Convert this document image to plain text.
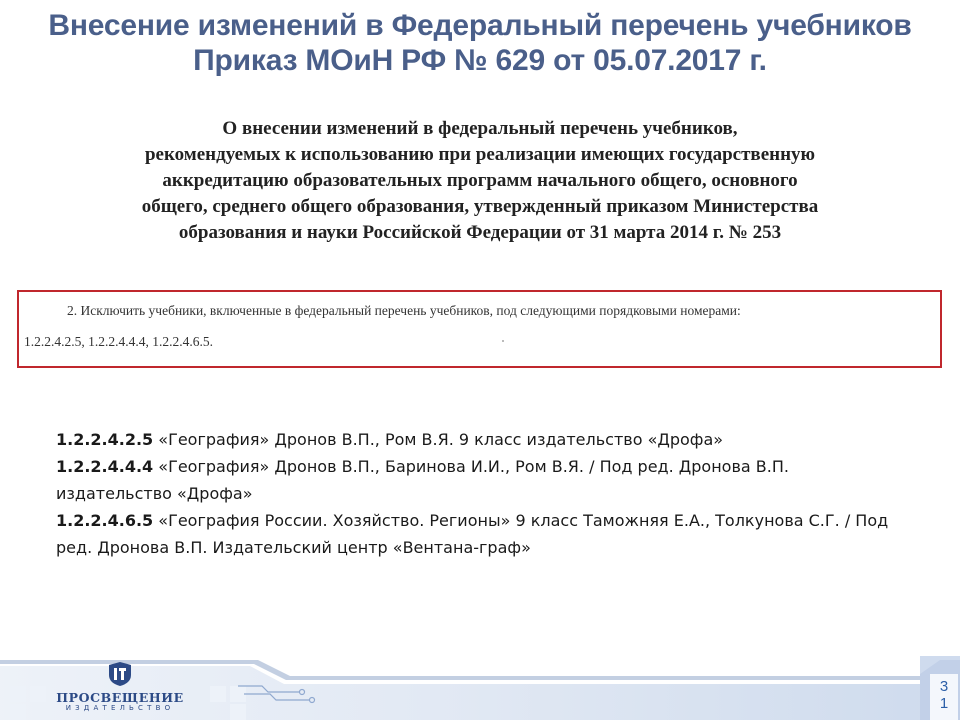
Внесение изменений в Федеральный перечень учебников
Приказ МОиН РФ № 629 от 05.07.2017 г.
О внесении изменений в федеральный перечень учебников,
рекомендуемых к использованию при реализации имеющих государственную
аккредитацию образовательных программ начального общего, основного
общего, среднего общего образования, утвержденный приказом Министерства
образования и науки Российской Федерации от 31 марта 2014 г. № 253
2. Исключить учебники, включенные в федеральный перечень учебников, под следующими порядковыми номерами:
1.2.2.4.2.5, 1.2.2.4.4.4, 1.2.2.4.6.5.

1.2.2.4.2.5 «География» Дронов В.П., Ром В.Я. 9 класс издательство «Дрофа»

1.2.2.4.4.4 «География» Дронов В.П., Баринова И.И., Ром В.Я. / Под ред. Дронова В.П. издательство «Дрофа»

1.2.2.4.6.5 «География России. Хозяйство. Регионы» 9 класс Таможняя Е.А., Толкунова С.Г. / Под ред. Дронова В.П. Издательский центр «Вентана-граф»

ПРОСВЕЩЕНИЕ
ИЗДАТЕЛЬСТВО
3
1
